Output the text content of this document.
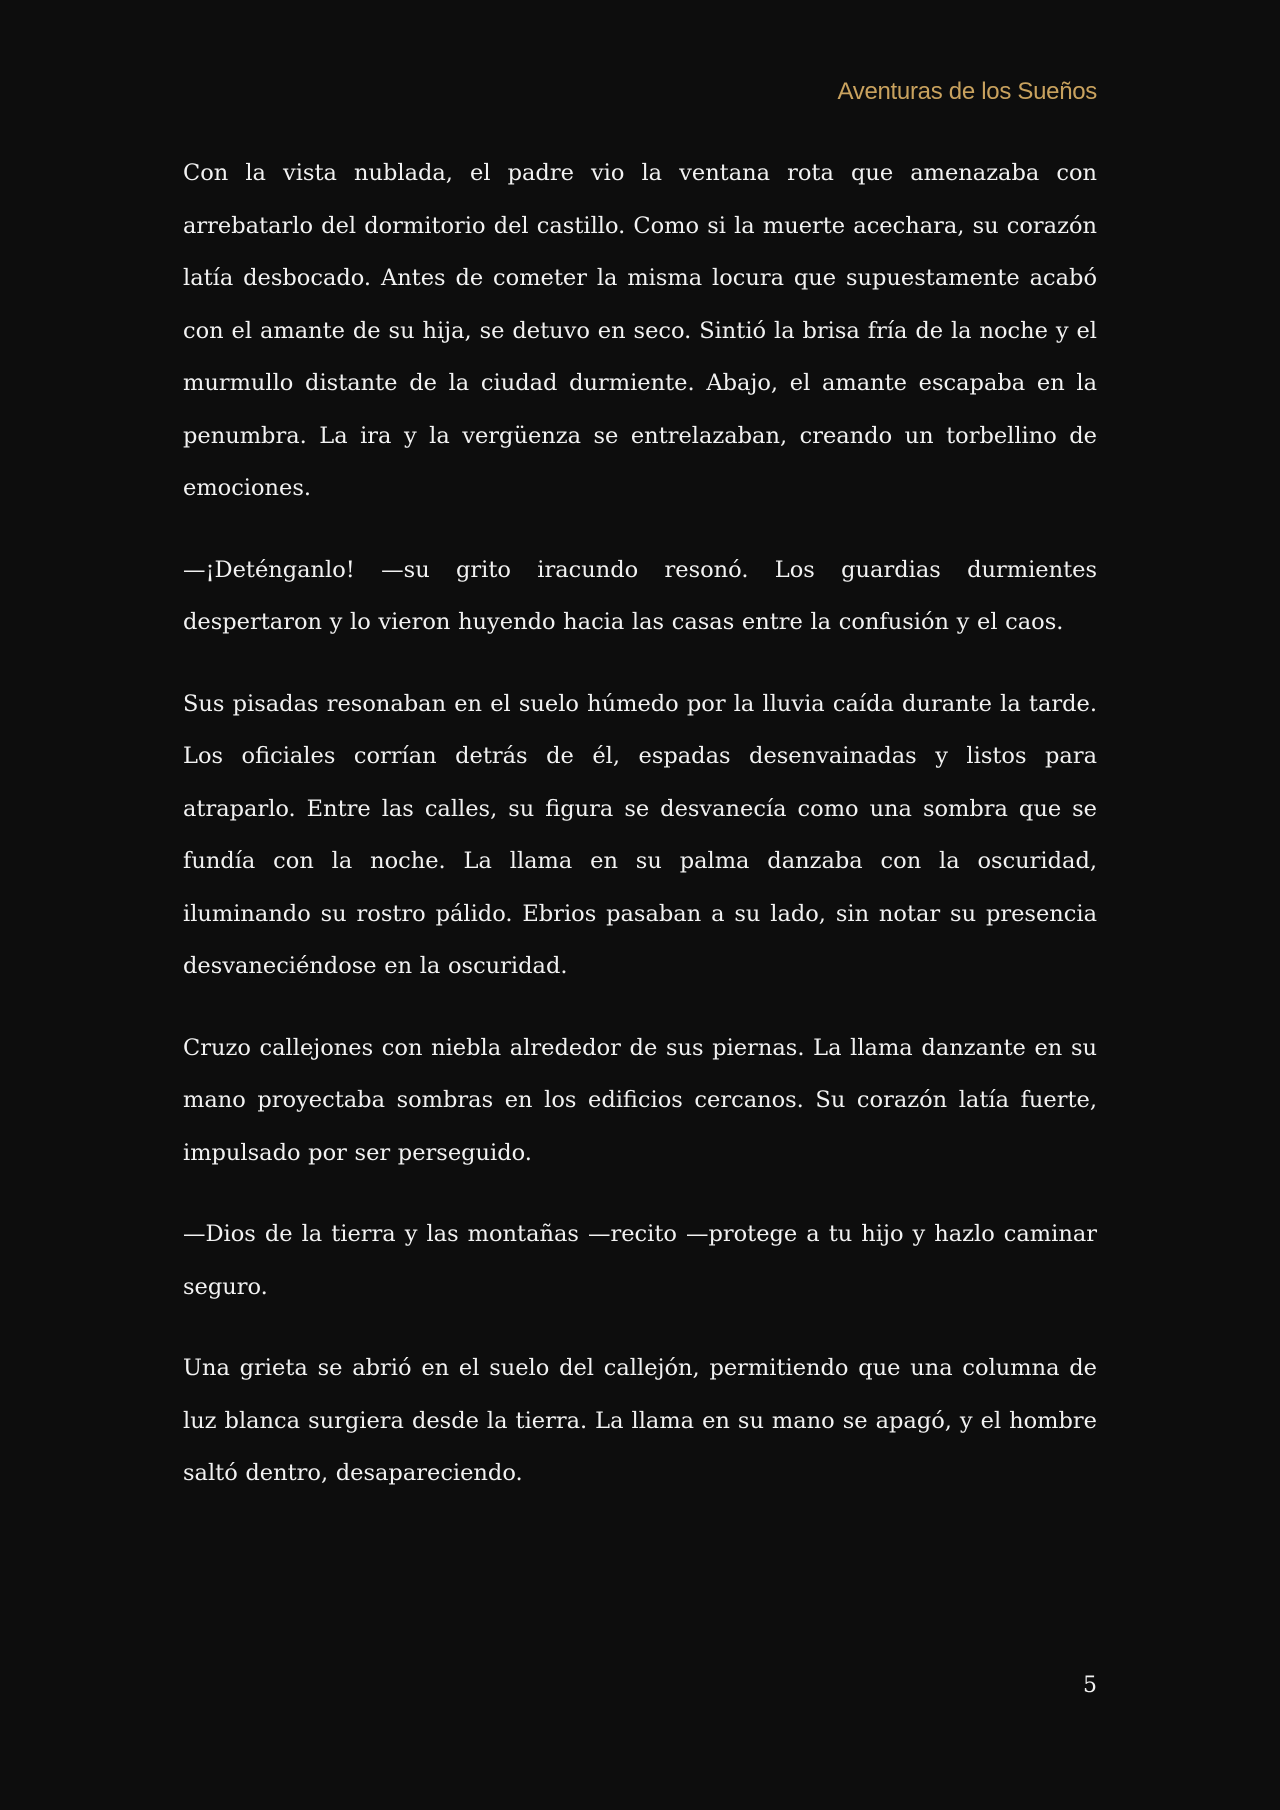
Aventuras de los Sueños

Con la vista nublada, el padre vio la ventana rota que amenazaba con arrebatarlo del dormitorio del castillo. Como si la muerte acechara, su corazón latía desbocado. Antes de cometer la misma locura que supuestamente acabó con el amante de su hija, se detuvo en seco. Sintió la brisa fría de la noche y el murmullo distante de la ciudad durmiente. Abajo, el amante escapaba en la penumbra. La ira y la vergüenza se entrelazaban, creando un torbellino de emociones.

—¡Deténganlo! —su grito iracundo resonó. Los guardias durmientes despertaron y lo vieron huyendo hacia las casas entre la confusión y el caos.

Sus pisadas resonaban en el suelo húmedo por la lluvia caída durante la tarde. Los oficiales corrían detrás de él, espadas desenvainadas y listos para atraparlo. Entre las calles, su figura se desvanecía como una sombra que se fundía con la noche. La llama en su palma danzaba con la oscuridad, iluminando su rostro pálido. Ebrios pasaban a su lado, sin notar su presencia desvaneciéndose en la oscuridad.

Cruzo callejones con niebla alrededor de sus piernas. La llama danzante en su mano proyectaba sombras en los edificios cercanos. Su corazón latía fuerte, impulsado por ser perseguido.

—Dios de la tierra y las montañas —recito —protege a tu hijo y hazlo caminar seguro.

Una grieta se abrió en el suelo del callejón, permitiendo que una columna de luz blanca surgiera desde la tierra. La llama en su mano se apagó, y el hombre saltó dentro, desapareciendo.

5
